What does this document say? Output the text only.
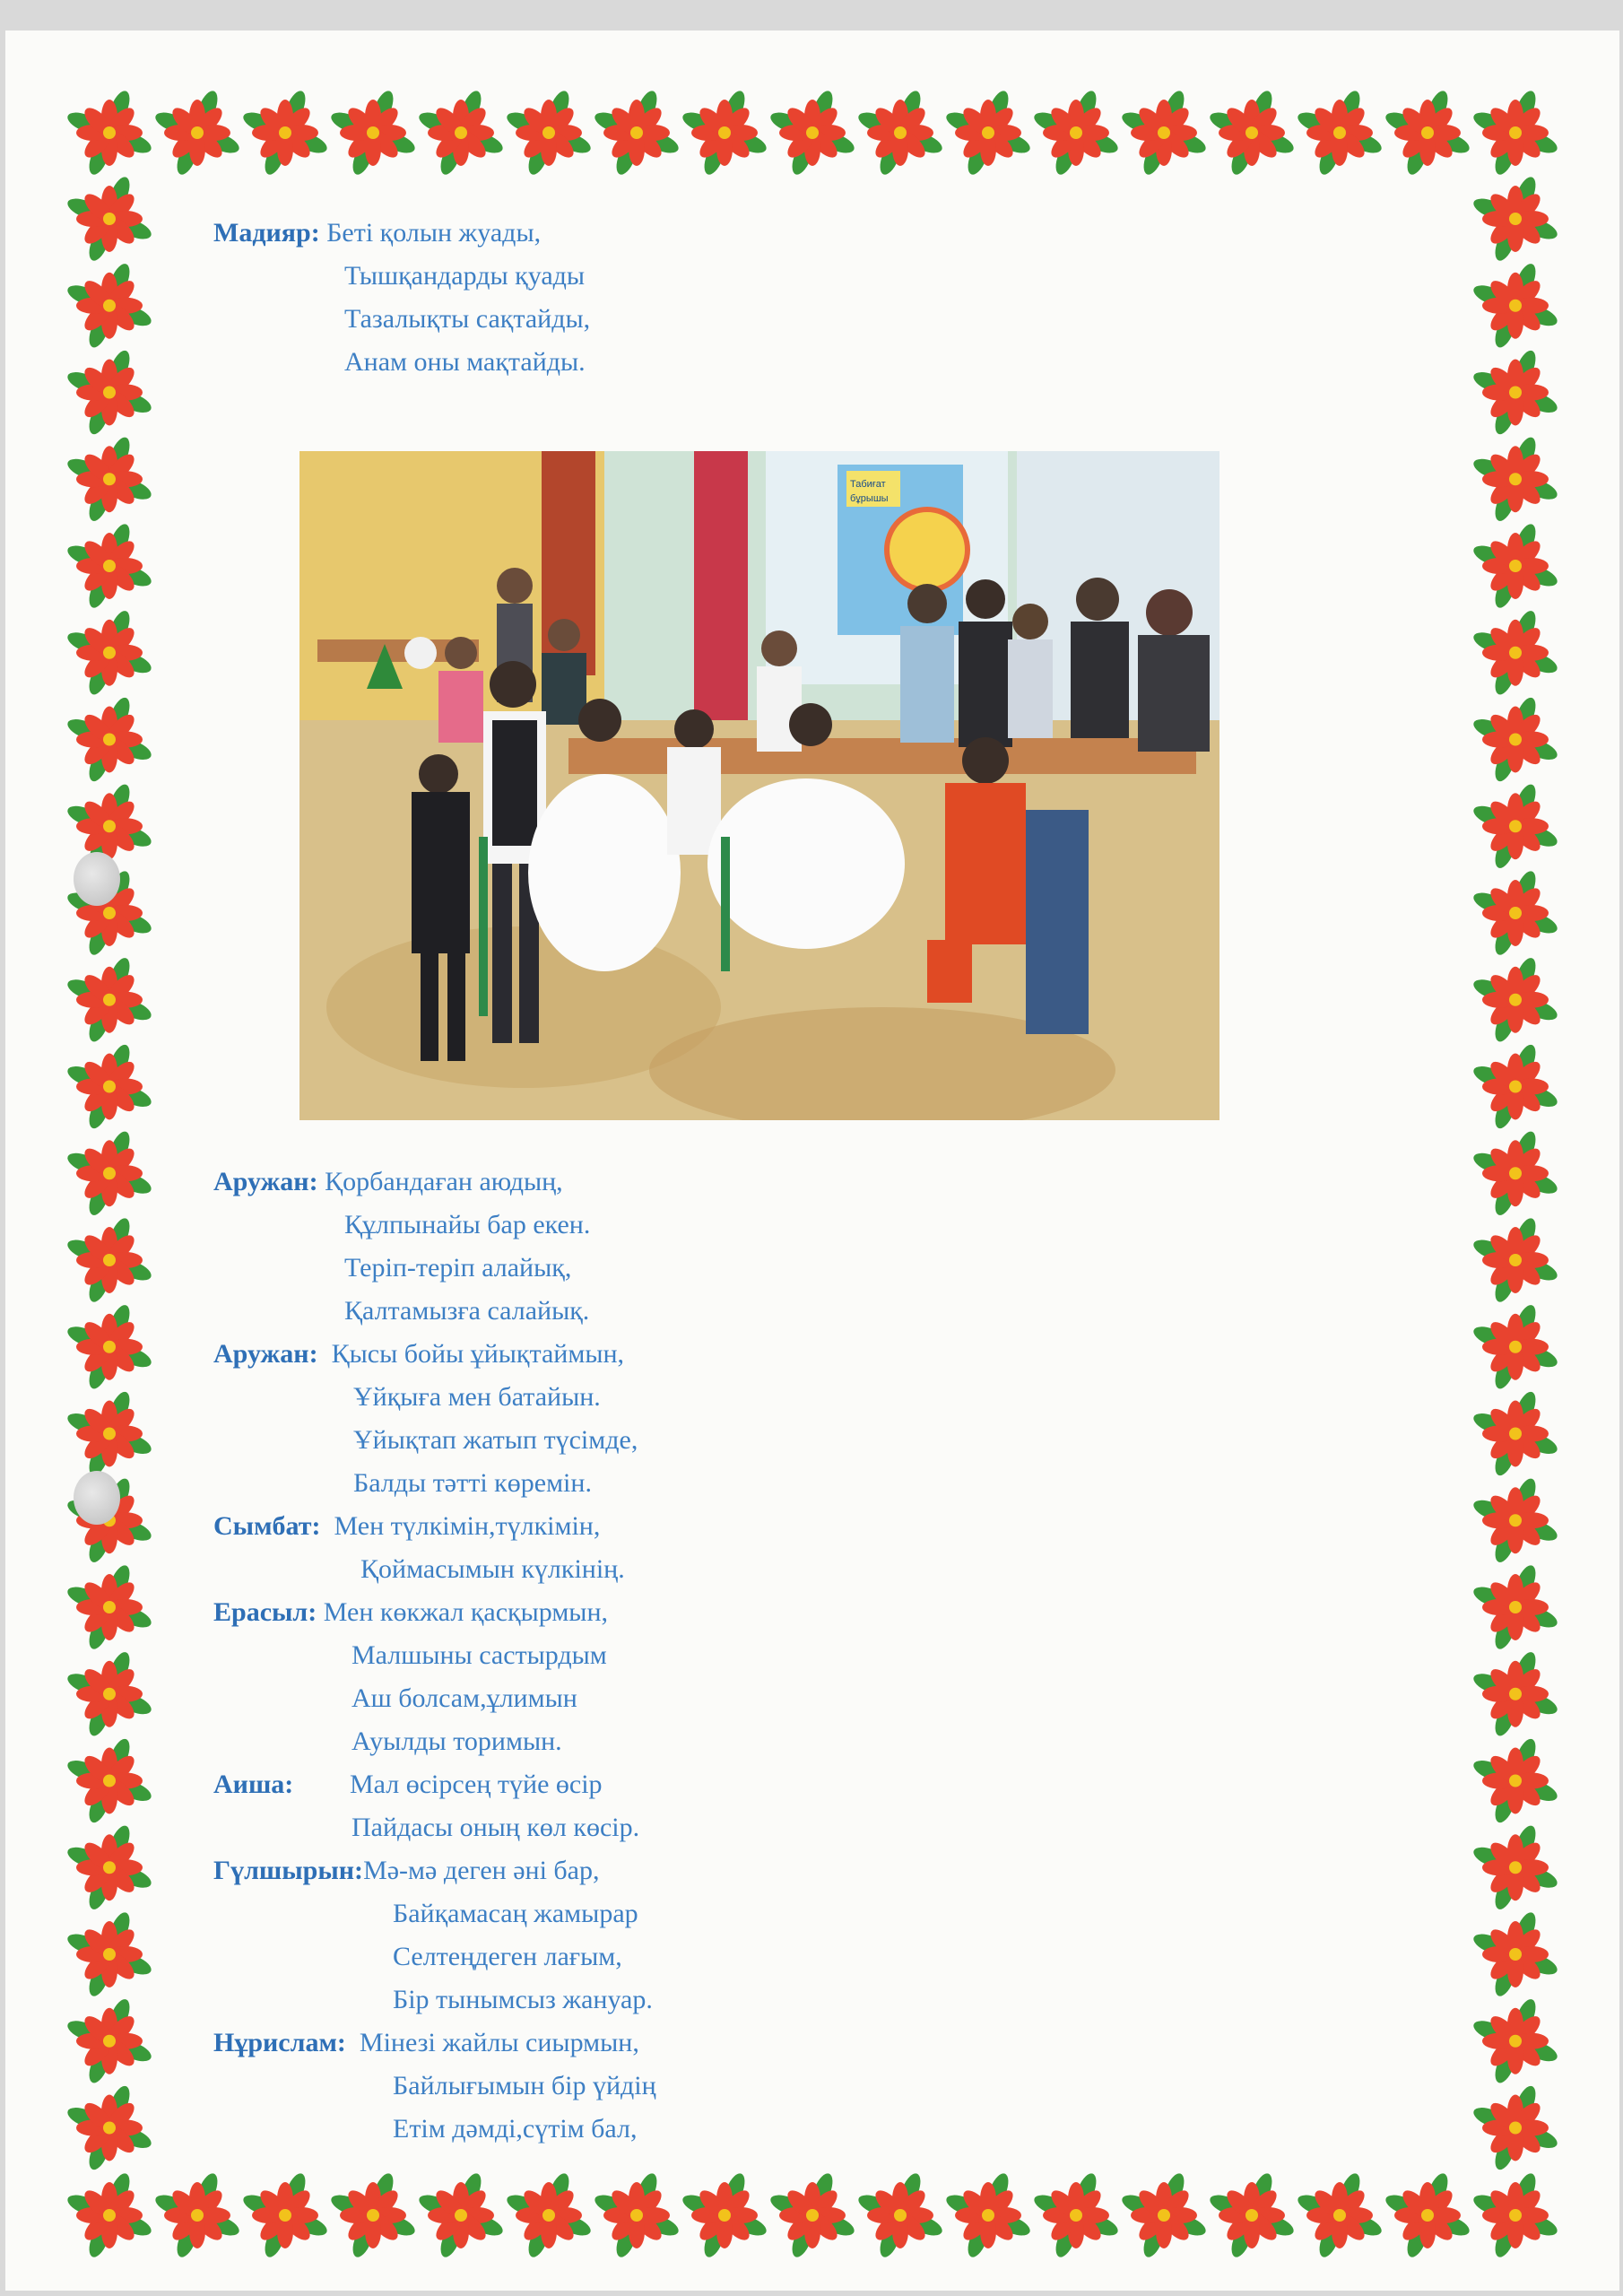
Табиғат
бұрышы
Мадияр: Беті қолын жуады,
Тышқандарды қуады
Тазалықты сақтайды,
Анам оны мақтайды.
Аружан: Қорбандаған аюдың,
Құлпынайы бар екен.
Теріп-теріп алайық,
Қалтамызға салайық.
Аружан: Қысы бойы ұйықтаймын,
Ұйқыға мен батайын.
Ұйықтап жатып түсімде,
Балды тәтті көремін.
Сымбат: Мен түлкімін,түлкімін,
Қоймасымын күлкінің.
Ерасыл: Мен көкжал қасқырмын,
Малшыны састырдым
Аш болсам,ұлимын
Ауылды торимын.
Аиша: Мал өсірсең түйе өсір
Пайдасы оның көл көсір.
Гүлшырын:Мә-мә деген әні бар,
Байқамасаң жамырар
Селтеңдеген лағым,
Бір тынымсыз жануар.
Нұрислам: Мінезі жайлы сиырмын,
Байлығымын бір үйдің
Етім дәмді,сүтім бал,
